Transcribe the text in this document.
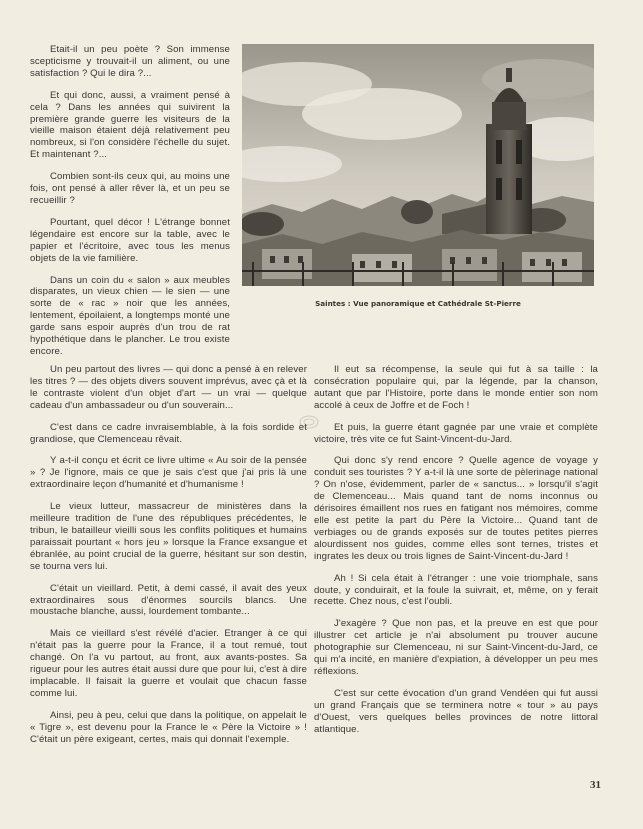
Etait-il un peu poète ? Son immense scepticisme y trouvait-il un aliment, ou une satisfaction ? Qui le dira ?...

Et qui donc, aussi, a vraiment pensé à cela ? Dans les années qui suivirent la première grande guerre les visiteurs de la vieille maison étaient déjà relativement peu nombreux, si l'on considère l'échelle du sujet. Et maintenant ?...

Combien sont-ils ceux qui, au moins une fois, ont pensé à aller rêver là, et un peu se recueillir ?

Pourtant, quel décor ! L'étrange bonnet légendaire est encore sur la table, avec le papier et l'écritoire, avec tous les menus objets de la vie familière.

Dans un coin du « salon » aux meubles disparates, un vieux chien — le sien — une sorte de « rac » noir que les années, lentement, époilaient, a longtemps monté une garde sans espoir auprès d'un trou de rat hypothétique dans le plancher. Le trou existe encore.

Saintes : Vue panoramique et Cathédrale St-Pierre

Un peu partout des livres — qui donc a pensé à en relever les titres ? — des objets divers souvent imprévus, avec çà et là le contraste violent d'un objet d'art — un vrai — quelque cadeau d'un ambassadeur ou d'un souverain...

C'est dans ce cadre invraisemblable, à la fois sordide et grandiose, que Clemenceau rêvait.

Y a-t-il conçu et écrit ce livre ultime « Au soir de la pensée » ? Je l'ignore, mais ce que je sais c'est que j'ai pris là une extraordinaire leçon d'humanité et d'humanisme !

Le vieux lutteur, massacreur de ministères dans la meilleure tradition de l'une des républiques précédentes, le tribun, le batailleur vieilli sous les conflits politiques et humains paraissait pourtant « hors jeu » lorsque la France exsangue et ébranlée, au point crucial de la guerre, hésitant sur son destin, se tourna vers lui.

C'était un vieillard. Petit, à demi cassé, il avait des yeux extraordinaires sous d'énormes sourcils blancs. Une moustache blanche, aussi, lourdement tombante...

Mais ce vieillard s'est révélé d'acier. Etranger à ce qui n'était pas la guerre pour la France, il a tout remué, tout changé. On l'a vu partout, au front, aux avants-postes. Sa rigueur pour les autres était aussi dure que pour lui, c'est à dire implacable. Il faisait la guerre et voulait que chacun fasse comme lui.

Ainsi, peu à peu, celui que dans la politique, on appelait le « Tigre », est devenu pour la France le « Père la Victoire » ! C'était un père exigeant, certes, mais qui donnait l'exemple.

Il eut sa récompense, la seule qui fut à sa taille : la consécration populaire qui, par la légende, par la chanson, autant que par l'Histoire, porte dans le monde entier son nom accolé à ceux de Joffre et de Foch !

Et puis, la guerre étant gagnée par une vraie et complète victoire, très vite ce fut Saint-Vincent-du-Jard.

Qui donc s'y rend encore ? Quelle agence de voyage y conduit ses touristes ? Y a-t-il là une sorte de pèlerinage national ? On n'ose, évidemment, parler de « sanctus... » lorsqu'il s'agit de Clemenceau... Mais quand tant de noms inconnus ou dérisoires émaillent nos rues en fatigant nos mémoires, comme elle est petite la part du Père la Victoire... Quand tant de verbiages ou de grands exposés sur de toutes petites pierres alourdissent nos guides, comme elles sont ternes, tristes et ingrates les deux ou trois lignes de Saint-Vincent-du-Jard !

Ah ! Si cela était à l'étranger : une voie triomphale, sans doute, y conduirait, et la foule la suivrait, et, même, on y ferait recette. Chez nous, c'est l'oubli.

J'exagère ? Que non pas, et la preuve en est que pour illustrer cet article je n'ai absolument pu trouver aucune photographie sur Clemenceau, ni sur Saint-Vincent-du-Jard, ce qui m'a incité, en manière d'expiation, à développer un peu mes réflexions.

C'est sur cette évocation d'un grand Vendéen qui fut aussi un grand Français que se terminera notre « tour » au pays d'Ouest, vers quelques belles provinces de notre littoral atlantique.

31
